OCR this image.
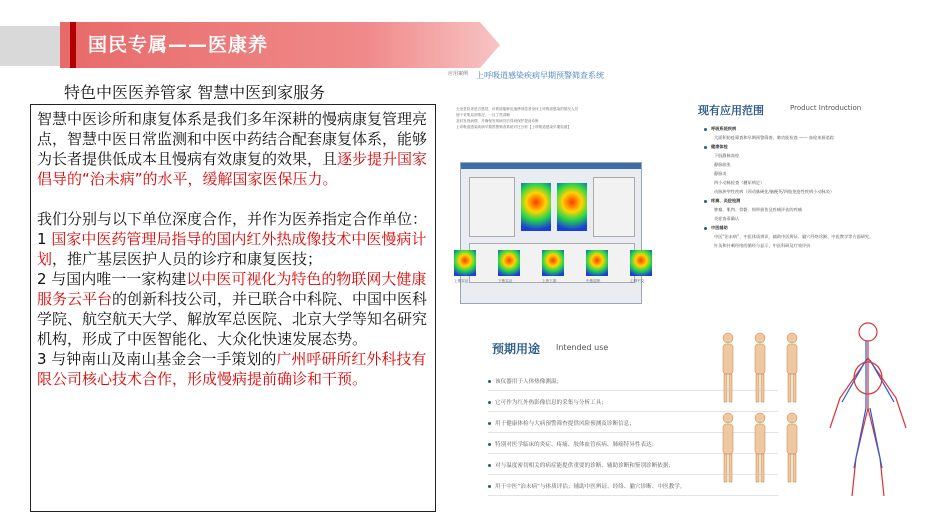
国民专属——医康养
特色中医医养管家 智慧中医到家服务

智慧中医诊所和康复体系是我们多年深耕的慢病康复管理亮点，智慧中医日常监测和中医中药结合配套康复体系，能够为长者提供低成本且慢病有效康复的效果，且逐步提升国家倡导的“治未病”的水平，缓解国家医保压力。

我们分别与以下单位深度合作，并作为医养指定合作单位：

1 国家中医药管理局指导的国内红外热成像技术中医慢病计划，推广基层医护人员的诊疗和康复医技；

2 与国内唯一一家构建以中医可视化为特色的物联网大健康服务云平台的创新科技公司，并已联合中科院、中国中医科学院、航空航天大学、解放军总医院、北京大学等知名研究机构，形成了中医智能化、大众化快速发展态势。

3 与钟南山及南山基金会一手策划的广州呼研所红外科技有限公司核心技术合作，形成慢病提前确诊和干预。

应用案例 上呼吸道感染疾病早期预警筛查系统
无论是检查是否感冒，该系统能够迅速辨别患者身体上呼吸道感染的情况人员
便于采集局部情况，一目了然清晰
及时发现病情，并确保发现病员后得到保护提前诊断
上呼吸道感染疾病早期预警筛查系统对比分析【上呼吸道感染早期检测】
上焦实证	下焦实证	上热下寒	中焦湿热	心肾不交
现有应用范围	Product Introduction
呼吸系统疾病
大面积防疫筛查和早期预警筛查、肺功能检查 —— 血栓来源追踪
健康体检
下肢静脉血栓
静脉曲张
静脉炎
四小动脉检查（糖尿病足）
动脉狭窄性疾病（颈动脉硬化/脑梗死/四肢免疫性疾病小动脉炎）
疼痛、炎症检测
肿瘤、肌肉、骨骼、韧带损伤及疼痛评估的疼痛
炎症查看确认
中医辅助
中医“治未病”、中医体质辨识、辅助中医辨证、腧穴经络诊断、中医教学等方面研究。
针灸和针刺经络的循经与显示，中医科研及疗效评价
预期用途 Intended use
该仪器用于人体热像测温；
它可作为红外热影像信息的采集与分析工具；
用于健康体检与大病预警筛查提供风险预测及诊断信息；
特别对医学临床的炎症、疼痛、肢体血管疾病、肺癌特异性表达；
对与温度密切相关的病症能提供重要的诊断、辅助诊断和鉴别诊断依据；
用于中医“治未病”与体质评估；辅助中医辨证、经络、腧穴诊断、中医教学。
